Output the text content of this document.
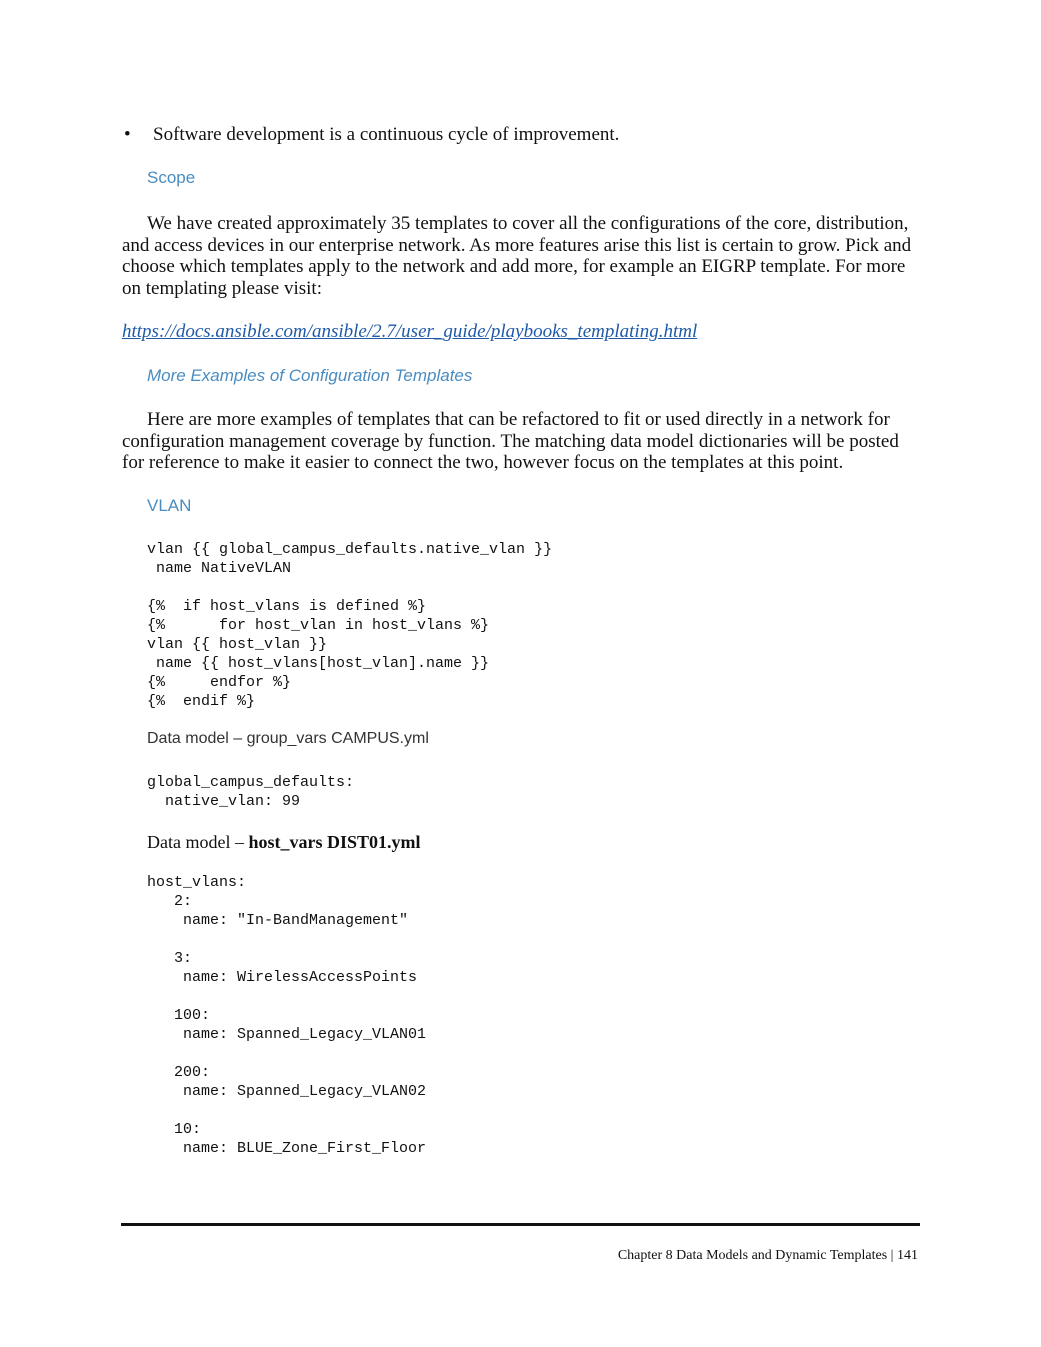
• Software development is a continuous cycle of improvement.
Scope

We have created approximately 35 templates to cover all the configurations of the core, distribution, and access devices in our enterprise network. As more features arise this list is certain to grow. Pick and choose which templates apply to the network and add more, for example an EIGRP template. For more on templating please visit:

https://docs.ansible.com/ansible/2.7/user_guide/playbooks_templating.html
More Examples of Configuration Templates

Here are more examples of templates that can be refactored to fit or used directly in a network for configuration management coverage by function. The matching data model dictionaries will be posted for reference to make it easier to connect the two, however focus on the templates at this point.

VLAN
vlan {{ global_campus_defaults.native_vlan }}
name NativeVLAN

{%  if host_vlans is defined %}
{%      for host_vlan in host_vlans %}
vlan {{ host_vlan }}
name {{ host_vlans[host_vlan].name }}
{%     endfor %}
{%  endif %}
Data model – group_vars CAMPUS.yml
global_campus_defaults:
native_vlan: 99
Data model – host_vars DIST01.yml
host_vlans:
2:
name: "In-BandManagement"

3:
name: WirelessAccessPoints

100:
name: Spanned_Legacy_VLAN01

200:
name: Spanned_Legacy_VLAN02

10:
name: BLUE_Zone_First_Floor
Chapter 8 Data Models and Dynamic Templates | 141
